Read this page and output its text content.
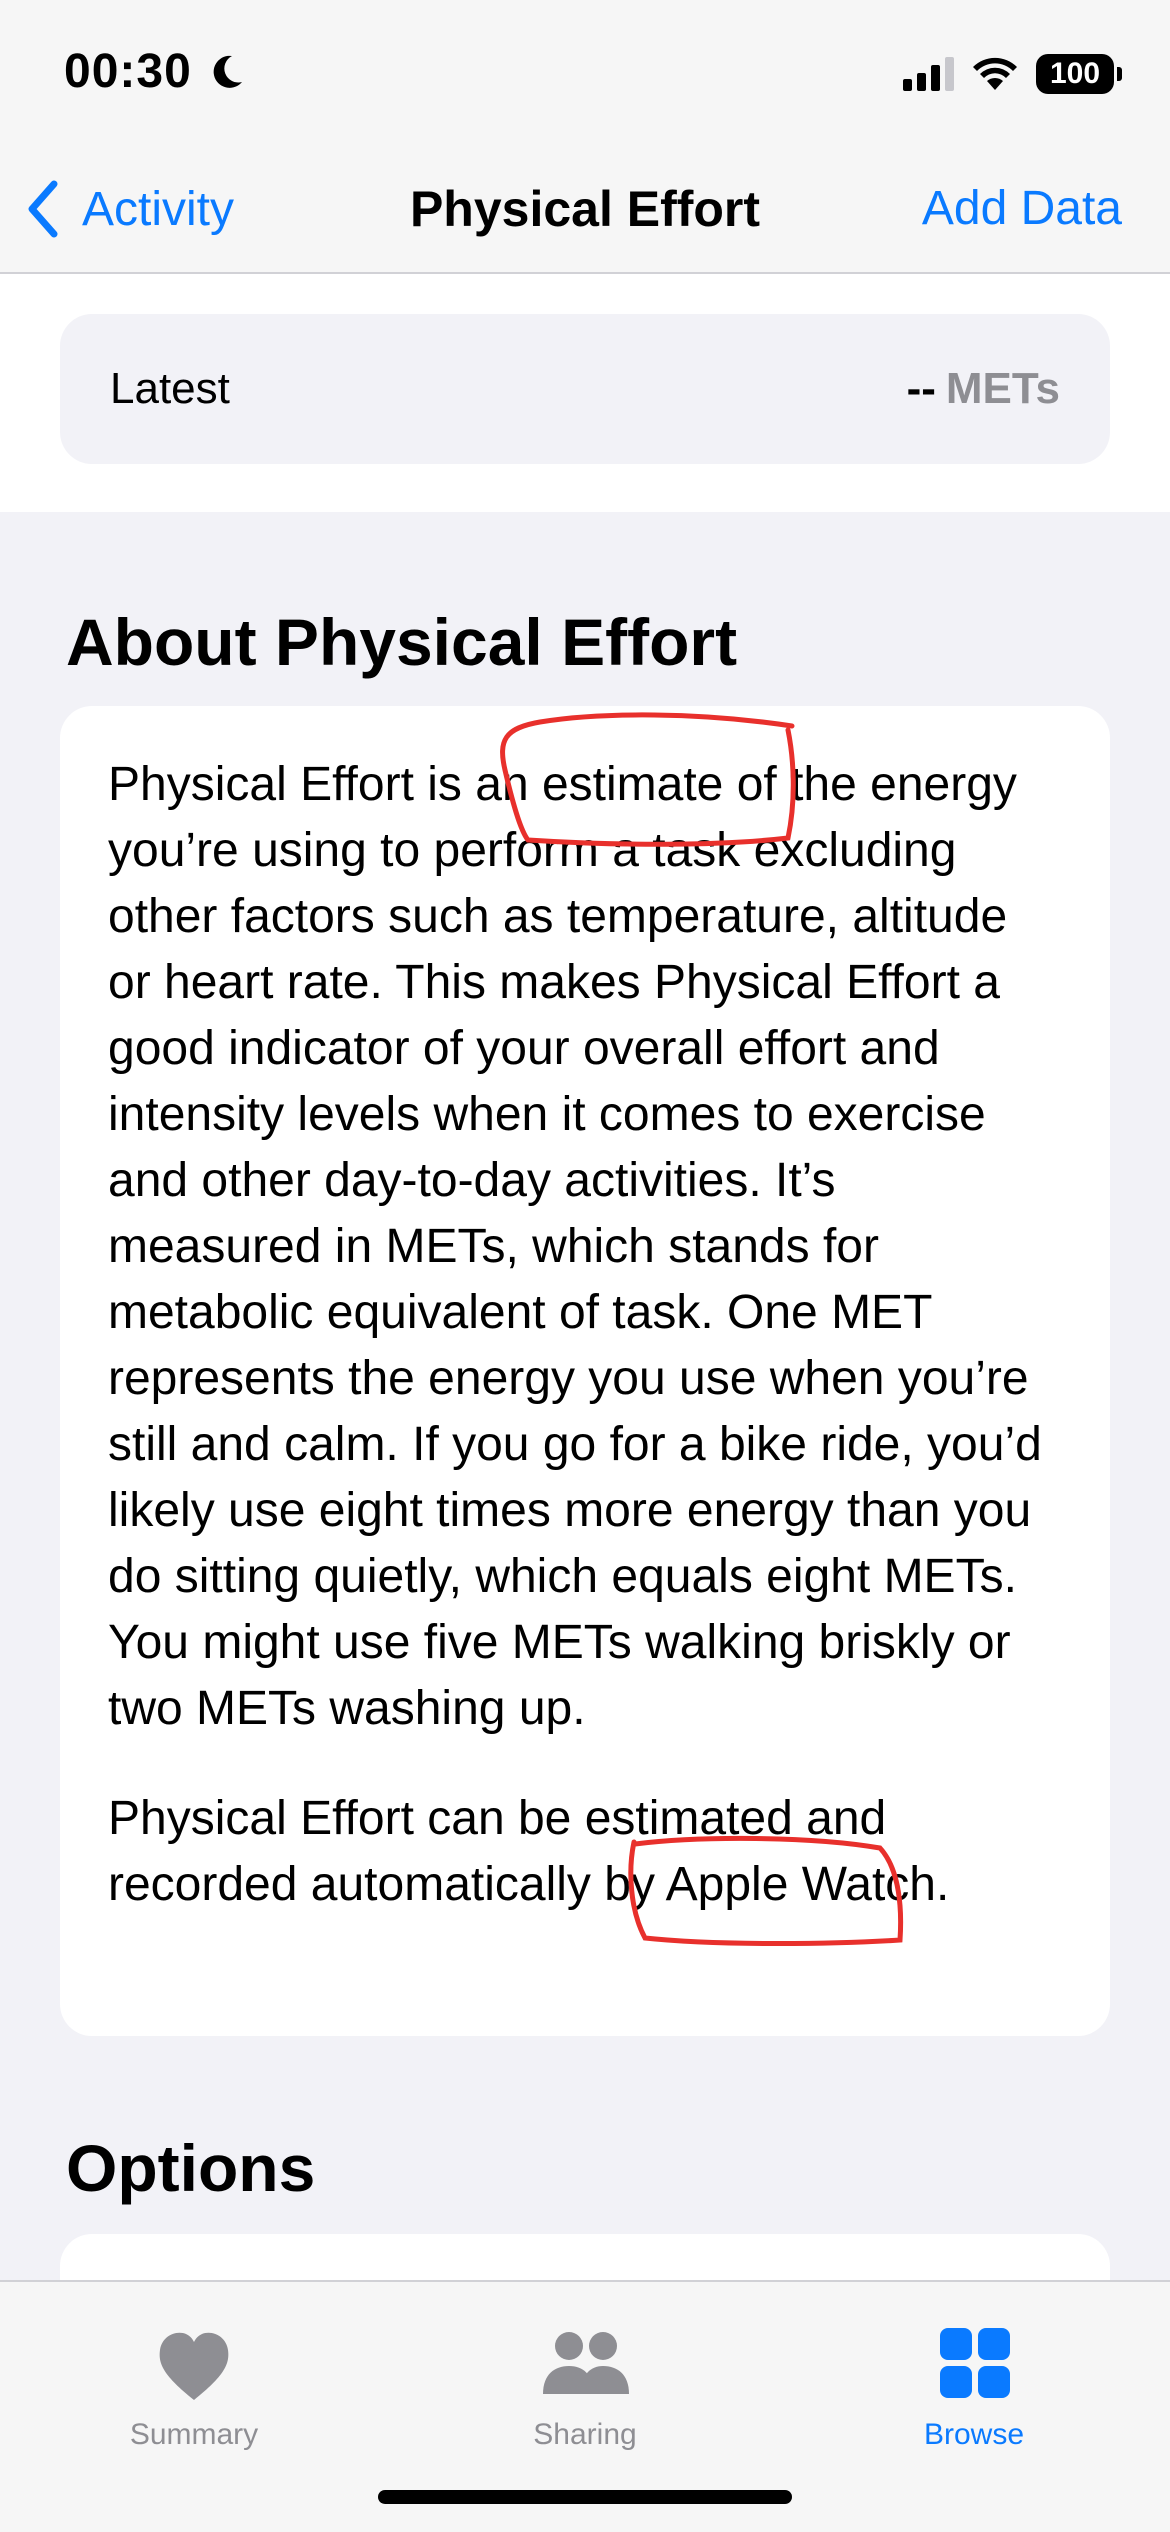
00:30	100
Activity	Physical Effort	Add Data
Latest	-- METs
About Physical Effort

Physical Effort is an estimate of the energy you’re using to perform a task excluding other factors such as temperature, altitude or heart rate. This makes Physical Effort a good indicator of your overall effort and intensity levels when it comes to exercise and other day-to-day activities. It’s measured in METs, which stands for metabolic equivalent of task. One MET represents the energy you use when you’re still and calm. If you go for a bike ride, you’d likely use eight times more energy than you do sitting quietly, which equals eight METs. You might use five METs walking briskly or two METs washing up.

Physical Effort can be estimated and recorded automatically by Apple Watch.

Options
Summary	Sharing	Browse
